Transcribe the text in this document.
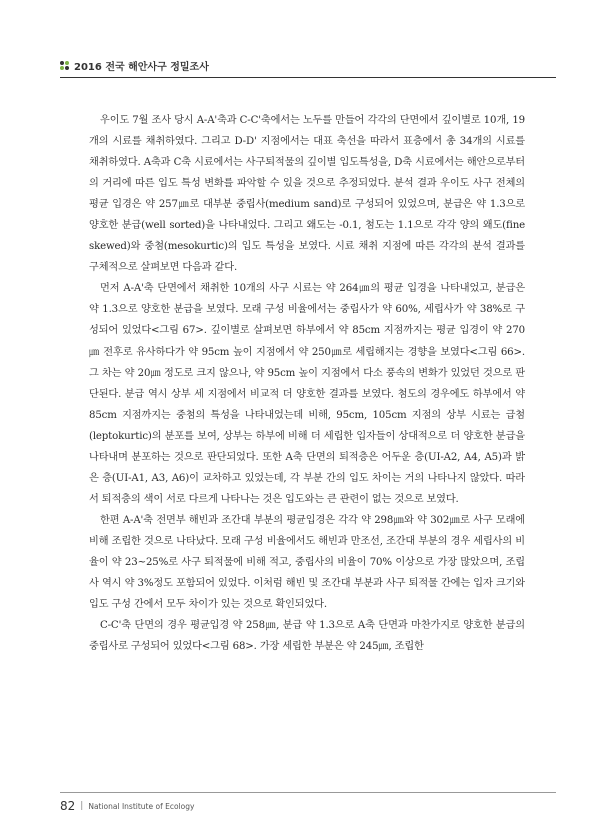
2016 전국 해안사구 정밀조사

우이도 7월 조사 당시 A-A'축과 C-C'축에서는 노두를 만들어 각각의 단면에서 깊이별로 10개, 19개의 시료를 채취하였다. 그리고 D-D' 지점에서는 대표 축선을 따라서 표층에서 총 34개의 시료를 채취하였다. A축과 C축 시료에서는 사구퇴적물의 깊이별 입도특성을, D축 시료에서는 해안으로부터의 거리에 따른 입도 특성 변화를 파악할 수 있을 것으로 추정되었다. 분석 결과 우이도 사구 전체의 평균 입경은 약 257㎛로 대부분 중립사(medium sand)로 구성되어 있었으며, 분급은 약 1.3으로 양호한 분급(well sorted)을 나타내었다. 그리고 왜도는 -0.1, 첨도는 1.1으로 각각 양의 왜도(fine skewed)와 중첨(mesokurtic)의 입도 특성을 보였다. 시료 채취 지점에 따른 각각의 분석 결과를 구체적으로 살펴보면 다음과 같다.

먼저 A-A'축 단면에서 채취한 10개의 사구 시료는 약 264㎛의 평균 입경을 나타내었고, 분급은 약 1.3으로 양호한 분급을 보였다. 모래 구성 비율에서는 중립사가 약 60%, 세립사가 약 38%로 구성되어 있었다<그림 67>. 깊이별로 살펴보면 하부에서 약 85cm 지점까지는 평균 입경이 약 270㎛ 전후로 유사하다가 약 95cm 높이 지점에서 약 250㎛로 세립해지는 경향을 보였다<그림 66>. 그 차는 약 20㎛ 정도로 크지 않으나, 약 95cm 높이 지점에서 다소 풍속의 변화가 있었던 것으로 판단된다. 분급 역시 상부 세 지점에서 비교적 더 양호한 결과를 보였다. 첨도의 경우에도 하부에서 약 85cm 지점까지는 중첨의 특성을 나타내었는데 비해, 95cm, 105cm 지점의 상부 시료는 급첨(leptokurtic)의 분포를 보여, 상부는 하부에 비해 더 세립한 입자들이 상대적으로 더 양호한 분급을 나타내며 분포하는 것으로 판단되었다. 또한 A축 단면의 퇴적층은 어두운 층(UI-A2, A4, A5)과 밝은 층(UI-A1, A3, A6)이 교차하고 있었는데, 각 부분 간의 입도 차이는 거의 나타나지 않았다. 따라서 퇴적층의 색이 서로 다르게 나타나는 것은 입도와는 큰 관련이 없는 것으로 보였다.

한편 A-A'축 전면부 해빈과 조간대 부분의 평균입경은 각각 약 298㎛와 약 302㎛로 사구 모래에 비해 조립한 것으로 나타났다. 모래 구성 비율에서도 해빈과 만조선, 조간대 부분의 경우 세립사의 비율이 약 23~25%로 사구 퇴적물에 비해 적고, 중립사의 비율이 70% 이상으로 가장 많았으며, 조립사 역시 약 3%정도 포함되어 있었다. 이처럼 해빈 및 조간대 부분과 사구 퇴적물 간에는 입자 크기와 입도 구성 간에서 모두 차이가 있는 것으로 확인되었다.

C-C'축 단면의 경우 평균입경 약 258㎛, 분급 약 1.3으로 A축 단면과 마찬가지로 양호한 분급의 중립사로 구성되어 있었다<그림 68>. 가장 세립한 부분은 약 245㎛, 조립한

82 | National Institute of Ecology
